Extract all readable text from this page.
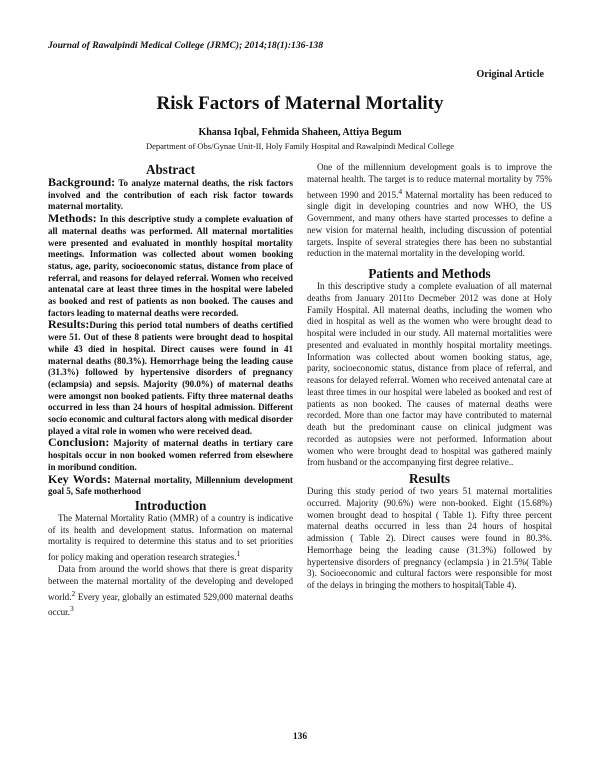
Journal of Rawalpindi Medical College (JRMC); 2014;18(1):136-138
Original Article
Risk Factors of Maternal Mortality
Khansa Iqbal, Fehmida Shaheen, Attiya Begum
Department of Obs/Gynae Unit-II, Holy Family Hospital and Rawalpindi Medical College
Abstract

Background: To analyze maternal deaths, the risk factors involved and the contribution of each risk factor towards maternal mortality.

Methods: In this descriptive study a complete evaluation of all maternal deaths was performed. All maternal mortalities were presented and evaluated in monthly hospital mortality meetings. Information was collected about women booking status, age, parity, socioeconomic status, distance from place of referral, and reasons for delayed referral. Women who received antenatal care at least three times in the hospital were labeled as booked and rest of patients as non booked. The causes and factors leading to maternal deaths were recorded.

Results:During this period total numbers of deaths certified were 51. Out of these 8 patients were brought dead to hospital while 43 died in hospital. Direct causes were found in 41 maternal deaths (80.3%). Hemorrhage being the leading cause (31.3%) followed by hypertensive disorders of pregnancy (eclampsia) and sepsis. Majority (90.0%) of maternal deaths were amongst non booked patients. Fifty three maternal deaths occurred in less than 24 hours of hospital admission. Different socio economic and cultural factors along with medical disorder played a vital role in women who were received dead.

Conclusion: Majority of maternal deaths in tertiary care hospitals occur in non booked women referred from elsewhere in moribund condition.

Key Words: Maternal mortality, Millennium development goal 5, Safe motherhood

Introduction

The Maternal Mortality Ratio (MMR) of a country is indicative of its health and development status. Information on maternal mortality is required to determine this status and to set priorities for policy making and operation research strategies.$^1$

Data from around the world shows that there is great disparity between the maternal mortality of the developing and developed world.$^2$ Every year, globally an estimated 529,000 maternal deaths occur.$^3$

One of the millennium development goals is to improve the maternal health. The target is to reduce maternal mortality by 75% between 1990 and 2015.$^4$ Maternal mortality has been reduced to single digit in developing countries and now WHO, the US Government, and many others have started processes to define a new vision for maternal health, including discussion of potential targets. Inspite of several strategies there has been no substantial reduction in the maternal mortality in the developing world.

Patients and Methods

In this descriptive study a complete evaluation of all maternal deaths from January 2011to Decmeber 2012 was done at Holy Family Hospital. All maternal deaths, including the women who died in hospital as well as the women who were brought dead to hospital were included in our study. All maternal mortalities were presented and evaluated in monthly hospital mortality meetings. Information was collected about women booking status, age, parity, socioeconomic status, distance from place of referral, and reasons for delayed referral. Women who received antenatal care at least three times in our hospital were labeled as booked and rest of patients as non booked. The causes of maternal deaths were recorded. More than one factor may have contributed to maternal death but the predominant cause on clinical judgment was recorded as autopsies were not performed. Information about women who were brought dead to hospital was gathered mainly from husband or the accompanying first degree relative..

Results

During this study period of two years 51 maternal mortalities occurred. Majority (90.6%) were non-booked. Eight (15.68%) women brought dead to hospital ( Table 1). Fifty three percent maternal deaths occurred in less than 24 hours of hospital admission ( Table 2). Direct causes were found in 80.3%. Hemorrhage being the leading cause (31.3%) followed by hypertensive disorders of pregnancy (eclampsia ) in 21.5%( Table 3). Socioeconomic and cultural factors were responsible for most of the delays in bringing the mothers to hospital(Table 4).

136
